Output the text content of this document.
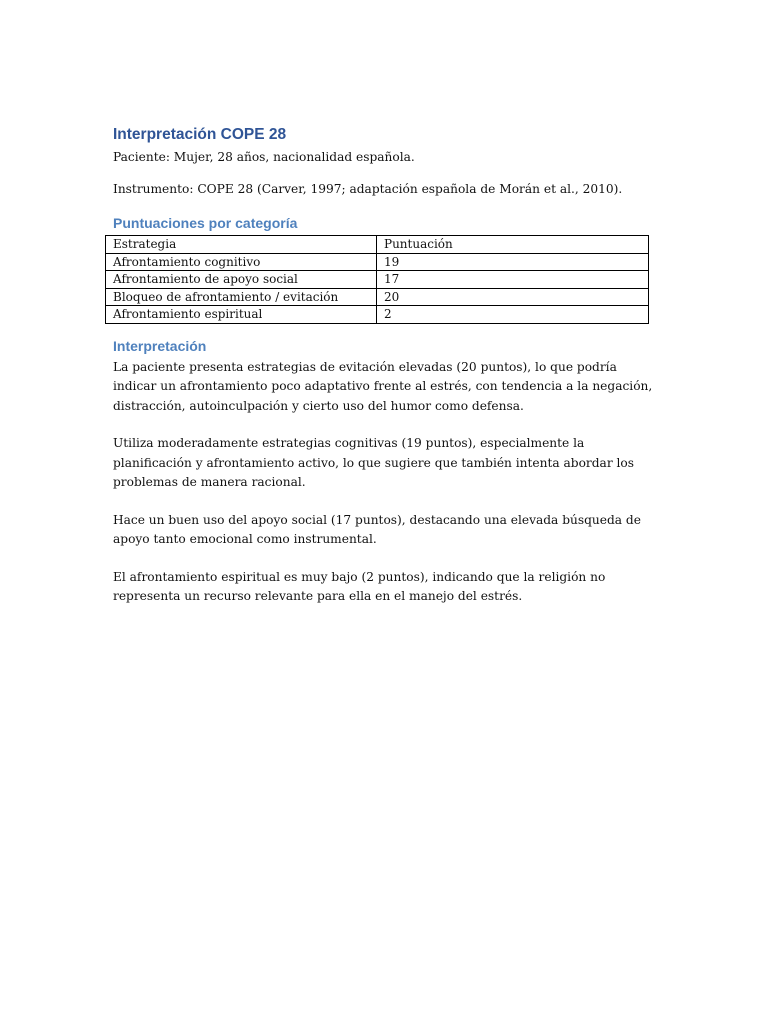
Interpretación COPE 28

Paciente: Mujer, 28 años, nacionalidad española.

Instrumento: COPE 28 (Carver, 1997; adaptación española de Morán et al., 2010).

Puntuaciones por categoría
Estrategia	Puntuación
Afrontamiento cognitivo	19
Afrontamiento de apoyo social	17
Bloqueo de afrontamiento / evitación	20
Afrontamiento espiritual	2
Interpretación

La paciente presenta estrategias de evitación elevadas (20 puntos), lo que podría indicar un afrontamiento poco adaptativo frente al estrés, con tendencia a la negación, distracción, autoinculpación y cierto uso del humor como defensa.

Utiliza moderadamente estrategias cognitivas (19 puntos), especialmente la planificación y afrontamiento activo, lo que sugiere que también intenta abordar los problemas de manera racional.

Hace un buen uso del apoyo social (17 puntos), destacando una elevada búsqueda de apoyo tanto emocional como instrumental.

El afrontamiento espiritual es muy bajo (2 puntos), indicando que la religión no representa un recurso relevante para ella en el manejo del estrés.
